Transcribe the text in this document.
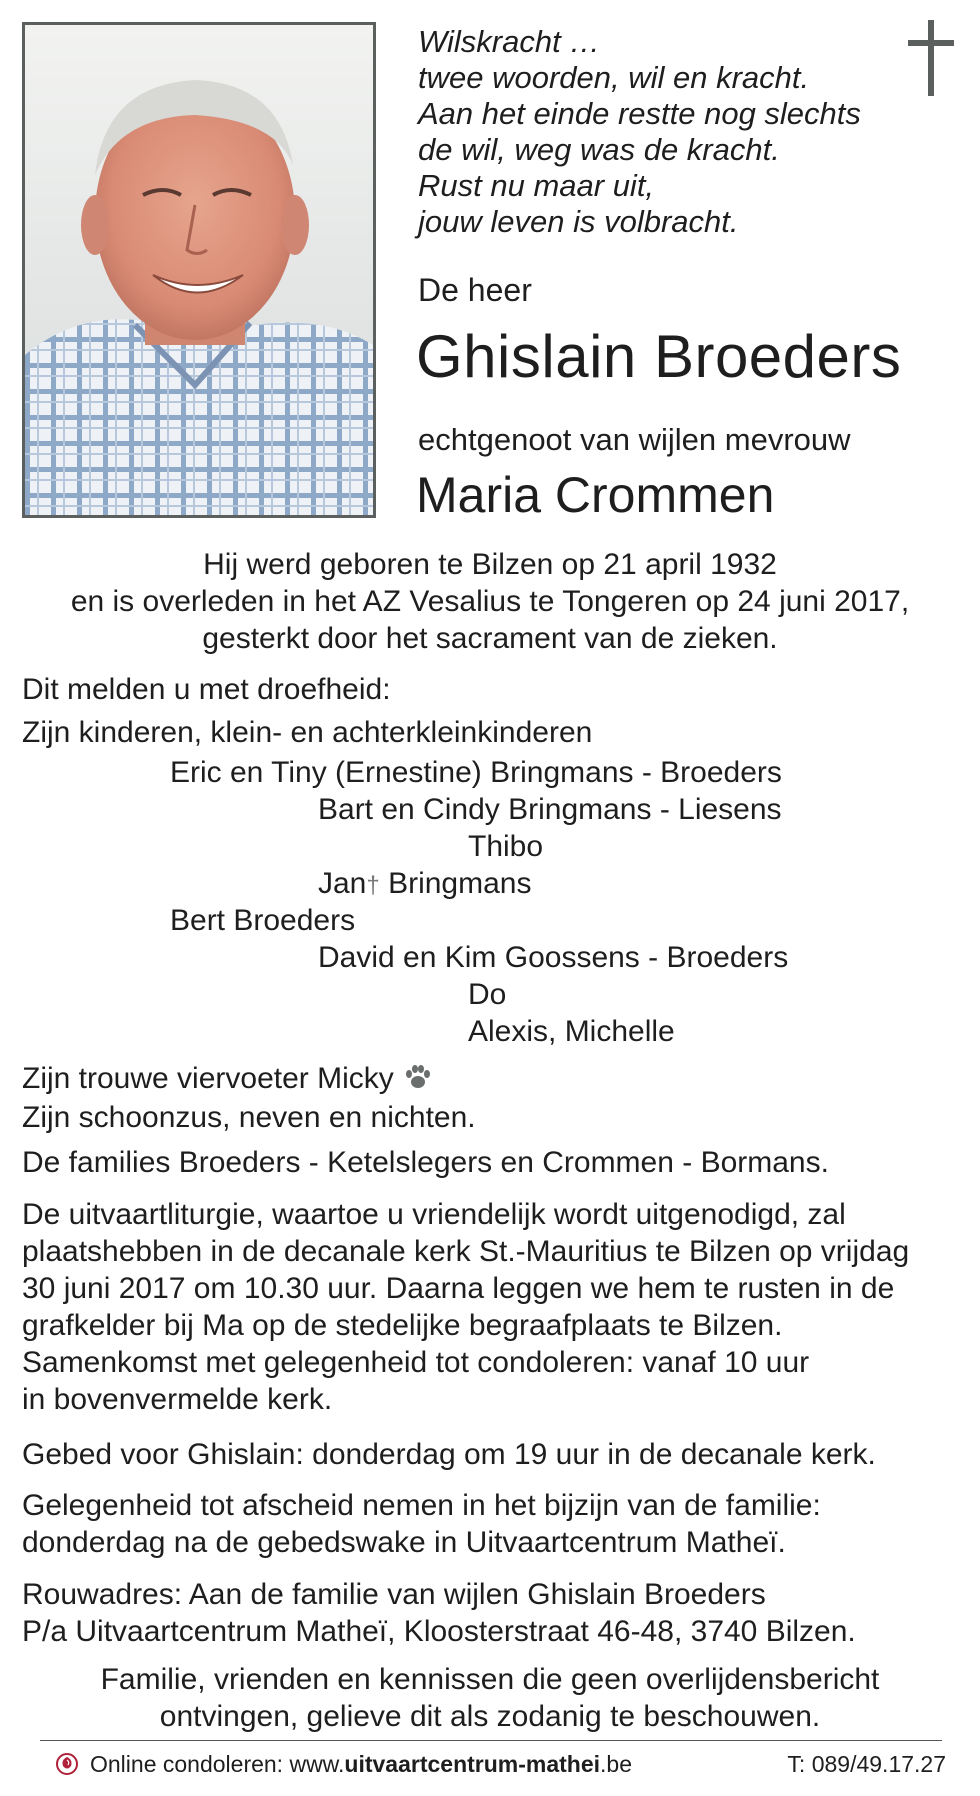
Wilskracht …
twee woorden, wil en kracht.
Aan het einde restte nog slechts
de wil, weg was de kracht.
Rust nu maar uit,
jouw leven is volbracht.
De heer
Ghislain Broeders
echtgenoot van wijlen mevrouw
Maria Crommen
Hij werd geboren te Bilzen op 21 april 1932
en is overleden in het AZ Vesalius te Tongeren op 24 juni 2017,
gesterkt door het sacrament van de zieken.
Dit melden u met droefheid:
Zijn kinderen, klein- en achterkleinkinderen
Eric en Tiny (Ernestine) Bringmans - Broeders
Bart en Cindy Bringmans - Liesens
Thibo
Jan† Bringmans
Bert Broeders
David en Kim Goossens - Broeders
Do
Alexis, Michelle
Zijn trouwe viervoeter Micky
Zijn schoonzus, neven en nichten.
De families Broeders - Ketelslegers en Crommen - Bormans.
De uitvaartliturgie, waartoe u vriendelijk wordt uitgenodigd, zal
plaatshebben in de decanale kerk St.-Mauritius te Bilzen op vrijdag
30 juni 2017 om 10.30 uur. Daarna leggen we hem te rusten in de
grafkelder bij Ma op de stedelijke begraafplaats te Bilzen.
Samenkomst met gelegenheid tot condoleren: vanaf 10 uur
in bovenvermelde kerk.
Gebed voor Ghislain: donderdag om 19 uur in de decanale kerk.
Gelegenheid tot afscheid nemen in het bijzijn van de familie:
donderdag na de gebedswake in Uitvaartcentrum Matheï.
Rouwadres: Aan de familie van wijlen Ghislain Broeders
P/a Uitvaartcentrum Matheï, Kloosterstraat 46-48, 3740 Bilzen.
Familie, vrienden en kennissen die geen overlijdensbericht
ontvingen, gelieve dit als zodanig te beschouwen.
Online condoleren: www.uitvaartcentrum-mathei.be	T: 089/49.17.27
